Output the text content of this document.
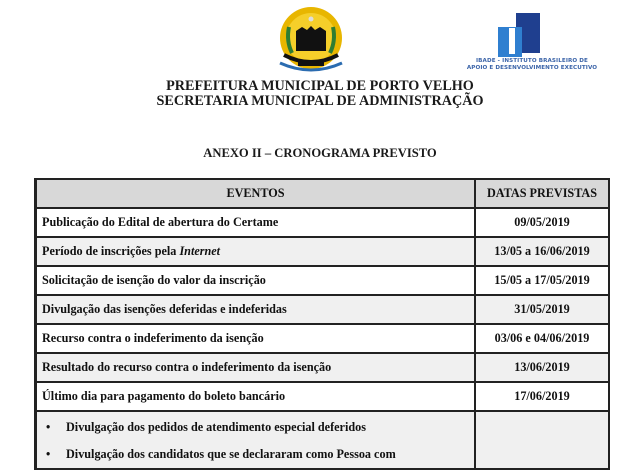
IBADE - INSTITUTO BRASILEIRO DE
APOIO E DESENVOLVIMENTO EXECUTIVO
PREFEITURA MUNICIPAL DE PORTO VELHO
SECRETARIA MUNICIPAL DE ADMINISTRAÇÃO
ANEXO II – CRONOGRAMA PREVISTO
EVENTOS	DATAS PREVISTAS
Publicação do Edital de abertura do Certame	09/05/2019
Período de inscrições pela Internet	13/05 a 16/06/2019
Solicitação de isenção do valor da inscrição	15/05 a 17/05/2019
Divulgação das isenções deferidas e indeferidas	31/05/2019
Recurso contra o indeferimento da isenção	03/06 e 04/06/2019
Resultado do recurso contra o indeferimento da isenção	13/06/2019
Último dia para pagamento do boleto bancário	17/06/2019

• Divulgação dos pedidos de atendimento especial deferidos
• Divulgação dos candidatos que se declararam como Pessoa com
